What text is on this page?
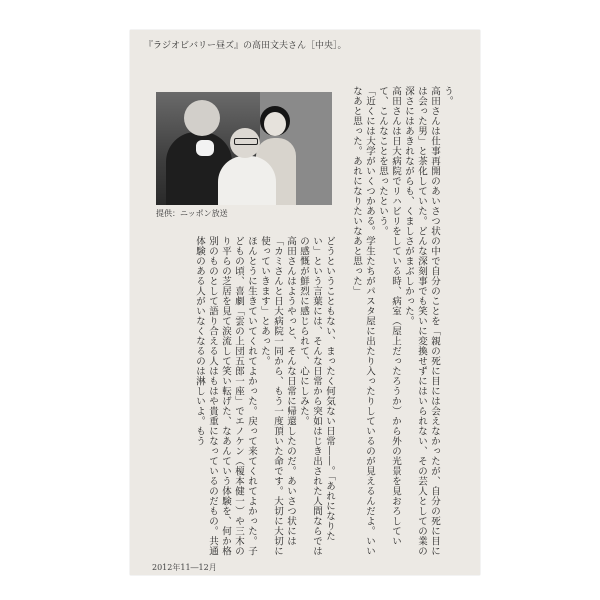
『ラジオビバリー昼ズ』の高田文夫さん［中央］。
提供：ニッポン放送

う。

高田さんは仕事再開のあいさつ状の中で自分のことを「親の死に目には会えなかったが、自分の死に目には会った男」と茶化していた。どんな深刻事でも笑いに変換せずにはいられない、その芸人としての業の深さにはあきれながらも、くましさがまぶしかった。

高田さんは日大病院でリハビリをしている時、病室（屋上だったろうか）から外の光景を見おろしていて、こんなことを思ったという。

「近くには大学がいくつかある。学生たちがパスタ屋に出たり入ったりしているのが見えるんだよ。いいなあと思った。あれになりたいなあと思った」

どうということもない、まったく何気ない日常――。「あれになりたい」という言葉には、そんな日常から突如はじき出された人間ならではの感慨が鮮烈に感じられて、心にしみた。

高田さんはようやっと、そんな日常に帰還したのだ。あいさつ状には「カミさんと日大病院一同から、もう一度頂いた命です。大切に大切に使っていきます」とあった。

ほんとうに生きていてくれてよかった。戻って来てくれてよかった。子どもの頃、喜劇「雲の上団五郎一座」でエノケン（榎本健一）や三木のり平らの芝居を見て涙流して笑い転げた、なあんていう体験を、何か格別のものとして語り合える人はもはや貴重になっているのだもの。共通体験のある人がいなくなるのは淋しいよ。もう

2012年11―12月
